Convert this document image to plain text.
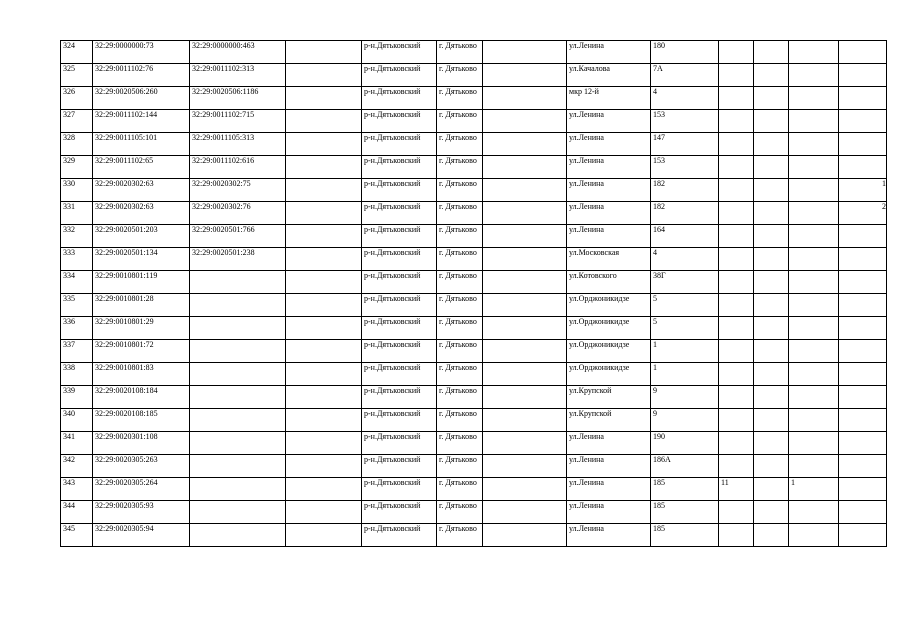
324	32:29:0000000:73	32:29:0000000:463		р-н.Дятьковский	г. Дятьково		ул.Ленина	180				
325	32:29:0011102:76	32:29:0011102:313		р-н.Дятьковский	г. Дятьково		ул.Качалова	7А				
326	32:29:0020506:260	32:29:0020506:1186		р-н.Дятьковский	г. Дятьково		мкр 12-й	4				
327	32:29:0011102:144	32:29:0011102:715		р-н.Дятьковский	г. Дятьково		ул.Ленина	153				
328	32:29:0011105:101	32:29:0011105:313		р-н.Дятьковский	г. Дятьково		ул.Ленина	147				
329	32:29:0011102:65	32:29:0011102:616		р-н.Дятьковский	г. Дятьково		ул.Ленина	153				
330	32:29:0020302:63	32:29:0020302:75		р-н.Дятьковский	г. Дятьково		ул.Ленина	182				1
331	32:29:0020302:63	32:29:0020302:76		р-н.Дятьковский	г. Дятьково		ул.Ленина	182				2
332	32:29:0020501:203	32:29:0020501:766		р-н.Дятьковский	г. Дятьково		ул.Ленина	164				
333	32:29:0020501:134	32:29:0020501:238		р-н.Дятьковский	г. Дятьково		ул.Московская	4				
334	32:29:0010801:119			р-н.Дятьковский	г. Дятьково		ул.Котовского	38Г				
335	32:29:0010801:28			р-н.Дятьковский	г. Дятьково		ул.Орджоникидзе	5				
336	32:29:0010801:29			р-н.Дятьковский	г. Дятьково		ул.Орджоникидзе	5				
337	32:29:0010801:72			р-н.Дятьковский	г. Дятьково		ул.Орджоникидзе	1				
338	32:29:0010801:83			р-н.Дятьковский	г. Дятьково		ул.Орджоникидзе	1				
339	32:29:0020108:184			р-н.Дятьковский	г. Дятьково		ул.Крупской	9				
340	32:29:0020108:185			р-н.Дятьковский	г. Дятьково		ул.Крупской	9				
341	32:29:0020301:108			р-н.Дятьковский	г. Дятьково		ул.Ленина	190				
342	32:29:0020305:263			р-н.Дятьковский	г. Дятьково		ул.Ленина	186А				
343	32:29:0020305:264			р-н.Дятьковский	г. Дятьково		ул.Ленина	185	11		1	
344	32:29:0020305:93			р-н.Дятьковский	г. Дятьково		ул.Ленина	185				
345	32:29:0020305:94			р-н.Дятьковский	г. Дятьково		ул.Ленина	185				
